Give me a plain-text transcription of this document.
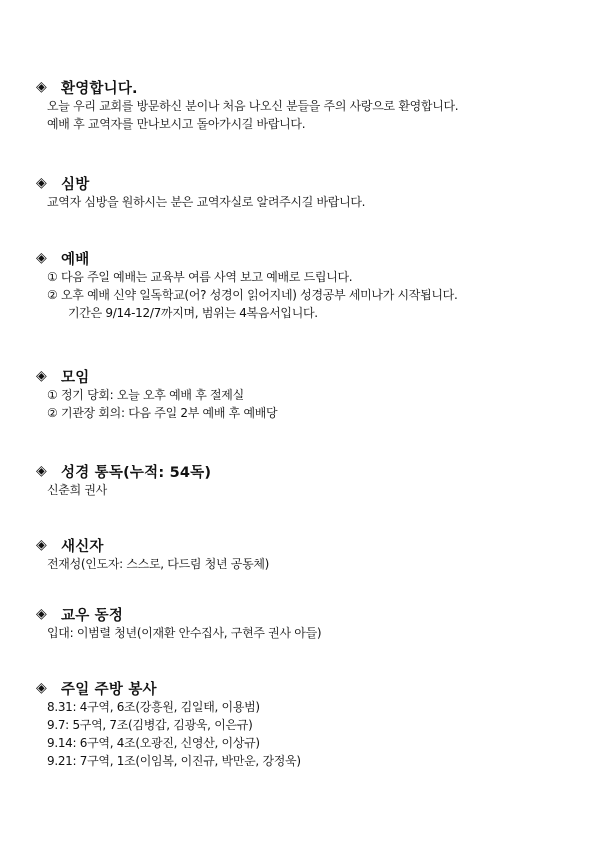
◈ 환영합니다.
오늘 우리 교회를 방문하신 분이나 처음 나오신 분들을 주의 사랑으로 환영합니다.
예배 후 교역자를 만나보시고 돌아가시길 바랍니다.
◈ 심방
교역자 심방을 원하시는 분은 교역자실로 알려주시길 바랍니다.
◈ 예배
① 다음 주일 예배는 교육부 여름 사역 보고 예배로 드립니다.
② 오후 예배 신약 일독학교(어? 성경이 읽어지네) 성경공부 세미나가 시작됩니다.
기간은 9/14-12/7까지며, 범위는 4복음서입니다.
◈ 모임
① 정기 당회: 오늘 오후 예배 후 절제실
② 기관장 회의: 다음 주일 2부 예배 후 예배당
◈ 성경 통독(누적: 54독)
신춘희 권사
◈ 새신자
전재성(인도자: 스스로, 다드림 청년 공동체)
◈ 교우 동정
입대: 이범렬 청년(이재환 안수집사, 구현주 권사 아들)
◈ 주일 주방 봉사
8.31: 4구역, 6조(강흥원, 김일태, 이용범)
9.7: 5구역, 7조(김병갑, 김광욱, 이은규)
9.14: 6구역, 4조(오광진, 신영산, 이상규)
9.21: 7구역, 1조(이임복, 이진규, 박만운, 강정욱)
